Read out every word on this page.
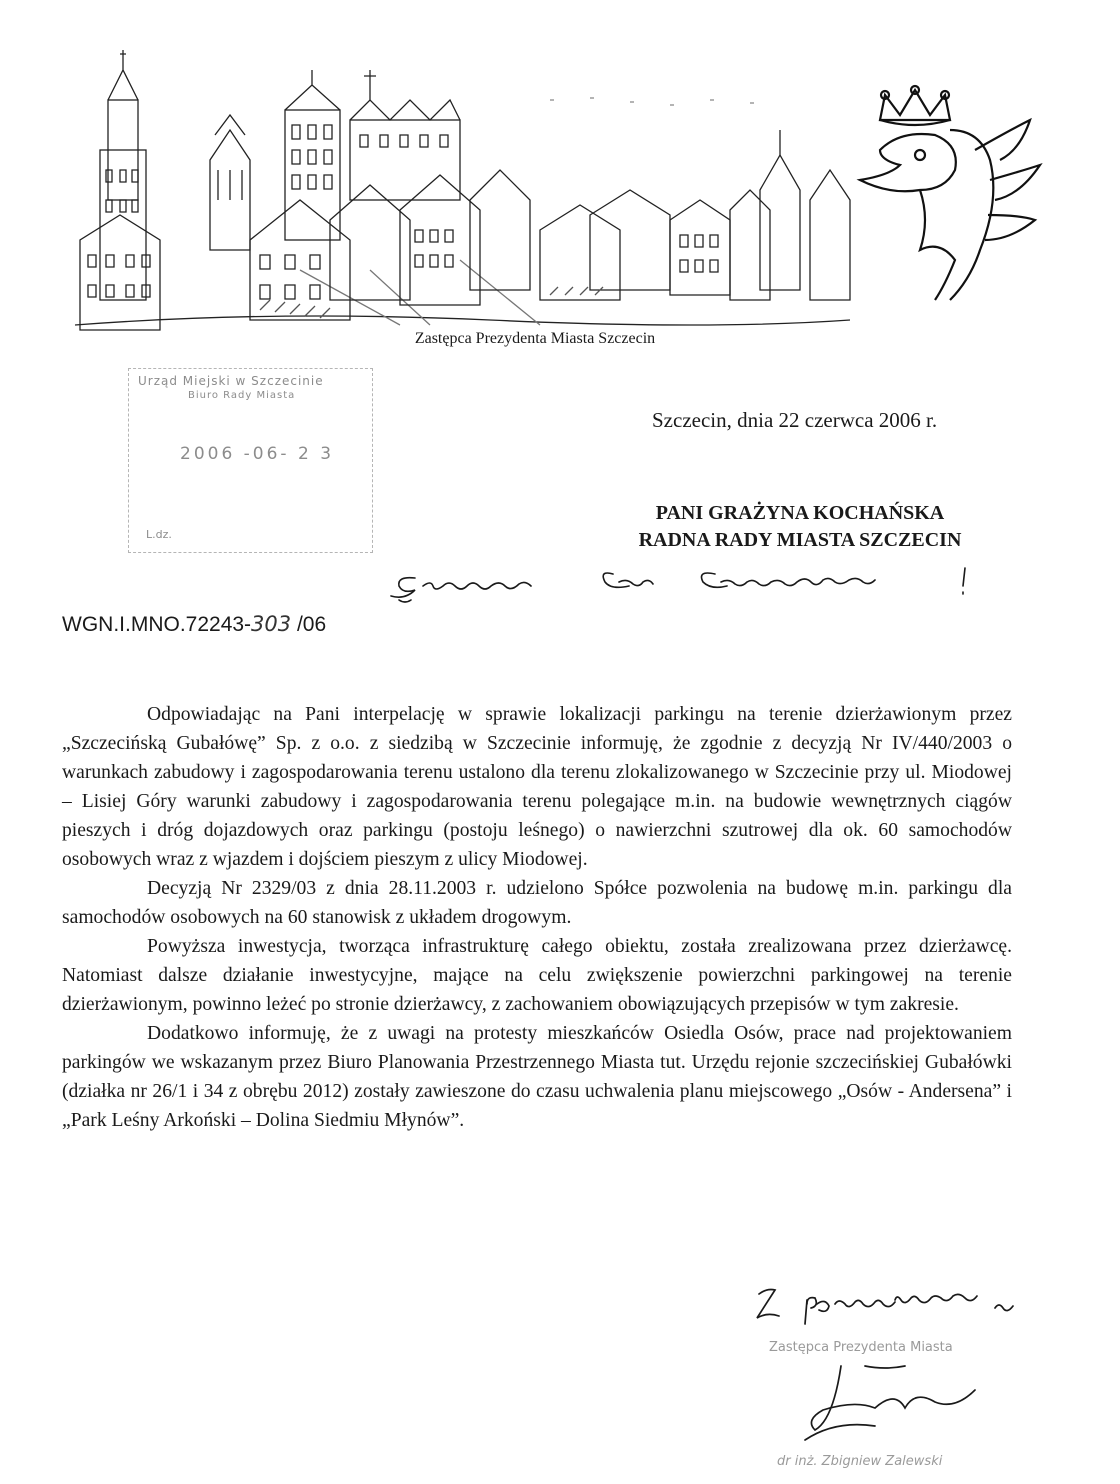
Zastępca Prezydenta Miasta Szczecin
Urząd Miejski w Szczecinie
Biuro Rady Miasta
2006 -06- 2 3
L.dz.
Szczecin, dnia 22 czerwca 2006 r.
PANI GRAŻYNA KOCHAŃSKA
RADNA RADY MIASTA SZCZECIN
WGN.I.MNO.72243-303 /06

Odpowiadając na Pani interpelację w sprawie lokalizacji parkingu na terenie dzierżawionym przez „Szczecińską Gubałówę” Sp. z o.o. z siedzibą w Szczecinie informuję, że zgodnie z decyzją Nr IV/440/2003 o warunkach zabudowy i zagospodarowania terenu ustalono dla terenu zlokalizowanego w Szczecinie przy ul. Miodowej – Lisiej Góry warunki zabudowy i zagospodarowania terenu polegające m.in. na budowie wewnętrznych ciągów pieszych i dróg dojazdowych oraz parkingu (postoju leśnego) o nawierzchni szutrowej dla ok. 60 samochodów osobowych wraz z wjazdem i dojściem pieszym z ulicy Miodowej.

Decyzją Nr 2329/03 z dnia 28.11.2003 r. udzielono Spółce pozwolenia na budowę m.in. parkingu dla samochodów osobowych na 60 stanowisk z układem drogowym.

Powyższa inwestycja, tworząca infrastrukturę całego obiektu, została zrealizowana przez dzierżawcę. Natomiast dalsze działanie inwestycyjne, mające na celu zwiększenie powierzchni parkingowej na terenie dzierżawionym, powinno leżeć po stronie dzierżawcy, z zachowaniem obowiązujących przepisów w tym zakresie.

Dodatkowo informuję, że z uwagi na protesty mieszkańców Osiedla Osów, prace nad projektowaniem parkingów we wskazanym przez Biuro Planowania Przestrzennego Miasta tut. Urzędu rejonie szczecińskiej Gubałówki (działka nr 26/1 i 34 z obrębu 2012) zostały zawieszone do czasu uchwalenia planu miejscowego „Osów - Andersena” i „Park Leśny Arkoński – Dolina Siedmiu Młynów”.

Zastępca Prezydenta Miasta
dr inż. Zbigniew Zalewski
